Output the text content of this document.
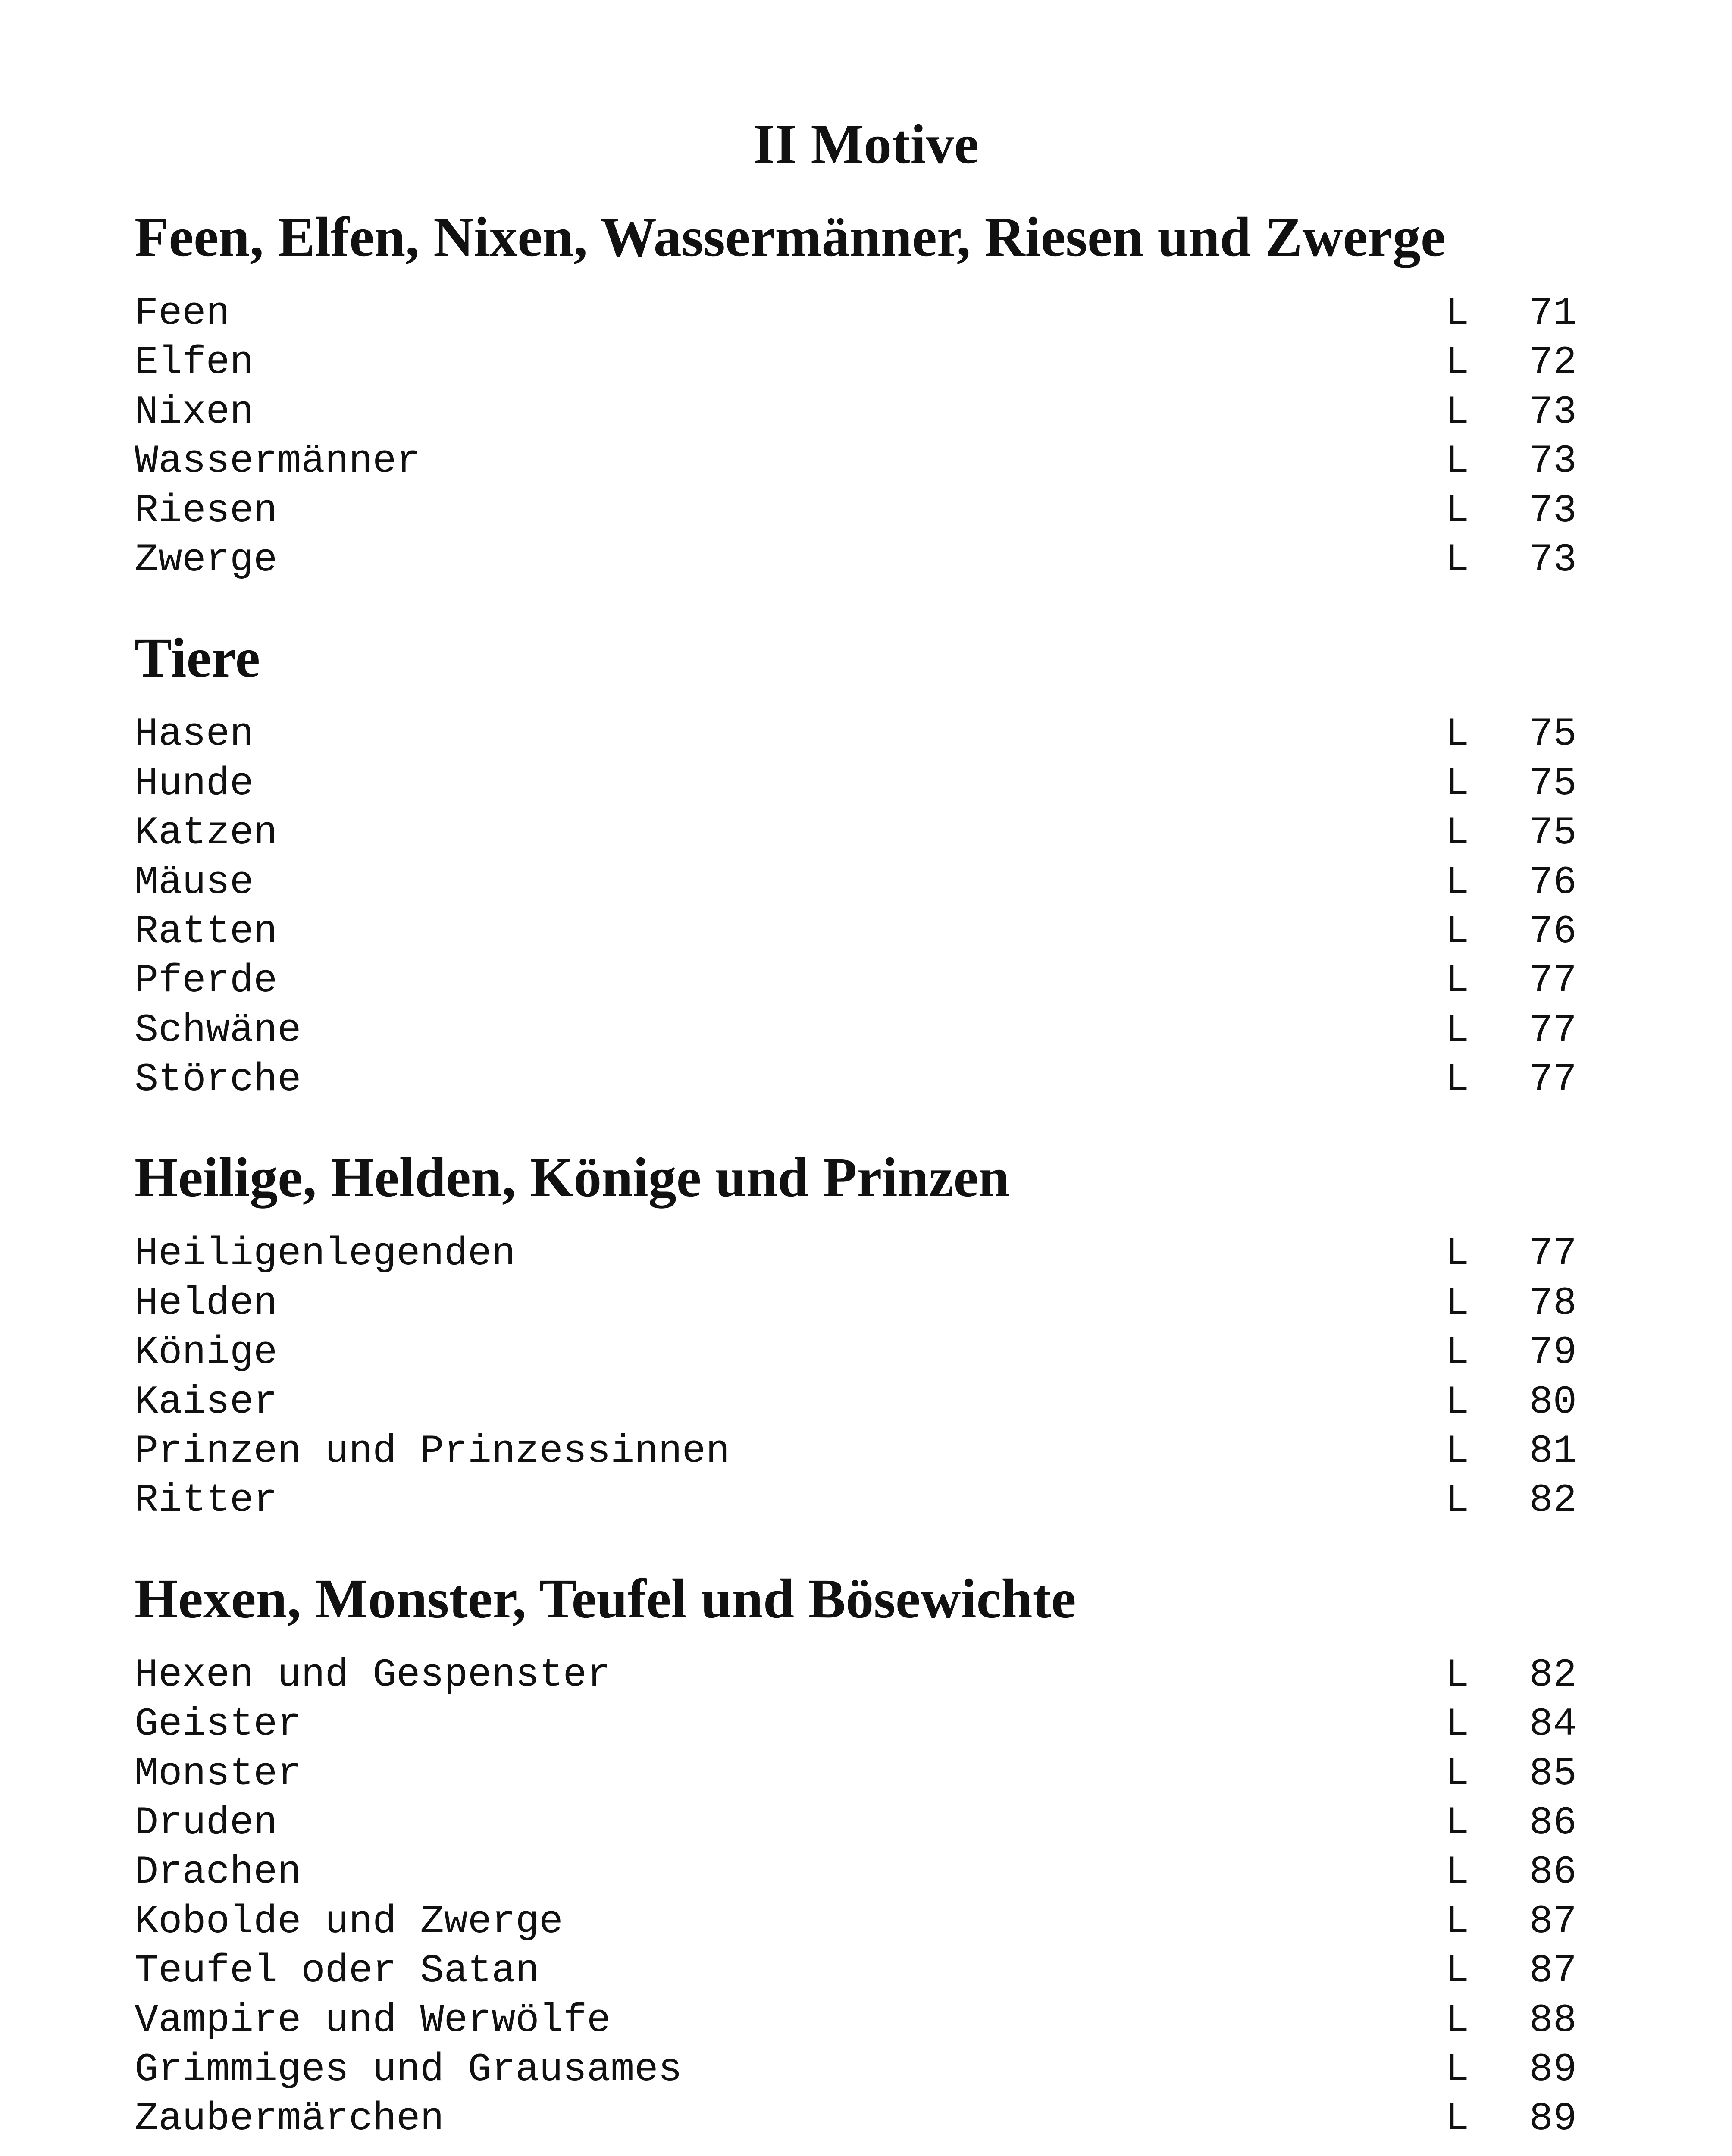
II Motive
Feen, Elfen, Nixen, Wassermänner, Riesen und Zwerge
Feen	L 71
Elfen	L 72
Nixen	L 73
Wassermänner	L 73
Riesen	L 73
Zwerge	L 73
Tiere
Hasen	L 75
Hunde	L 75
Katzen	L 75
Mäuse	L 76
Ratten	L 76
Pferde	L 77
Schwäne	L 77
Störche	L 77
Heilige, Helden, Könige und Prinzen
Heiligenlegenden	L 77
Helden	L 78
Könige	L 79
Kaiser	L 80
Prinzen und Prinzessinnen	L 81
Ritter	L 82
Hexen, Monster, Teufel und Bösewichte
Hexen und Gespenster	L 82
Geister	L 84
Monster	L 85
Druden	L 86
Drachen	L 86
Kobolde und Zwerge	L 87
Teufel oder Satan	L 87
Vampire und Werwölfe	L 88
Grimmiges und Grausames	L 89
Zaubermärchen	L 89
